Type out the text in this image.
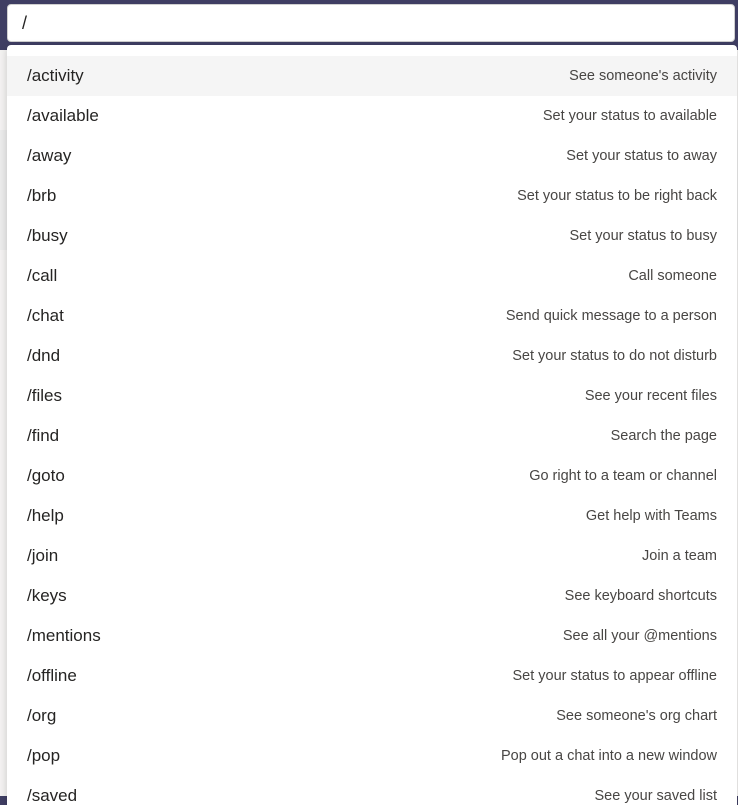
/
/activity	See someone's activity
/available	Set your status to available
/away	Set your status to away
/brb	Set your status to be right back
/busy	Set your status to busy
/call	Call someone
/chat	Send quick message to a person
/dnd	Set your status to do not disturb
/files	See your recent files
/find	Search the page
/goto	Go right to a team or channel
/help	Get help with Teams
/join	Join a team
/keys	See keyboard shortcuts
/mentions	See all your @mentions
/offline	Set your status to appear offline
/org	See someone's org chart
/pop	Pop out a chat into a new window
/saved	See your saved list
